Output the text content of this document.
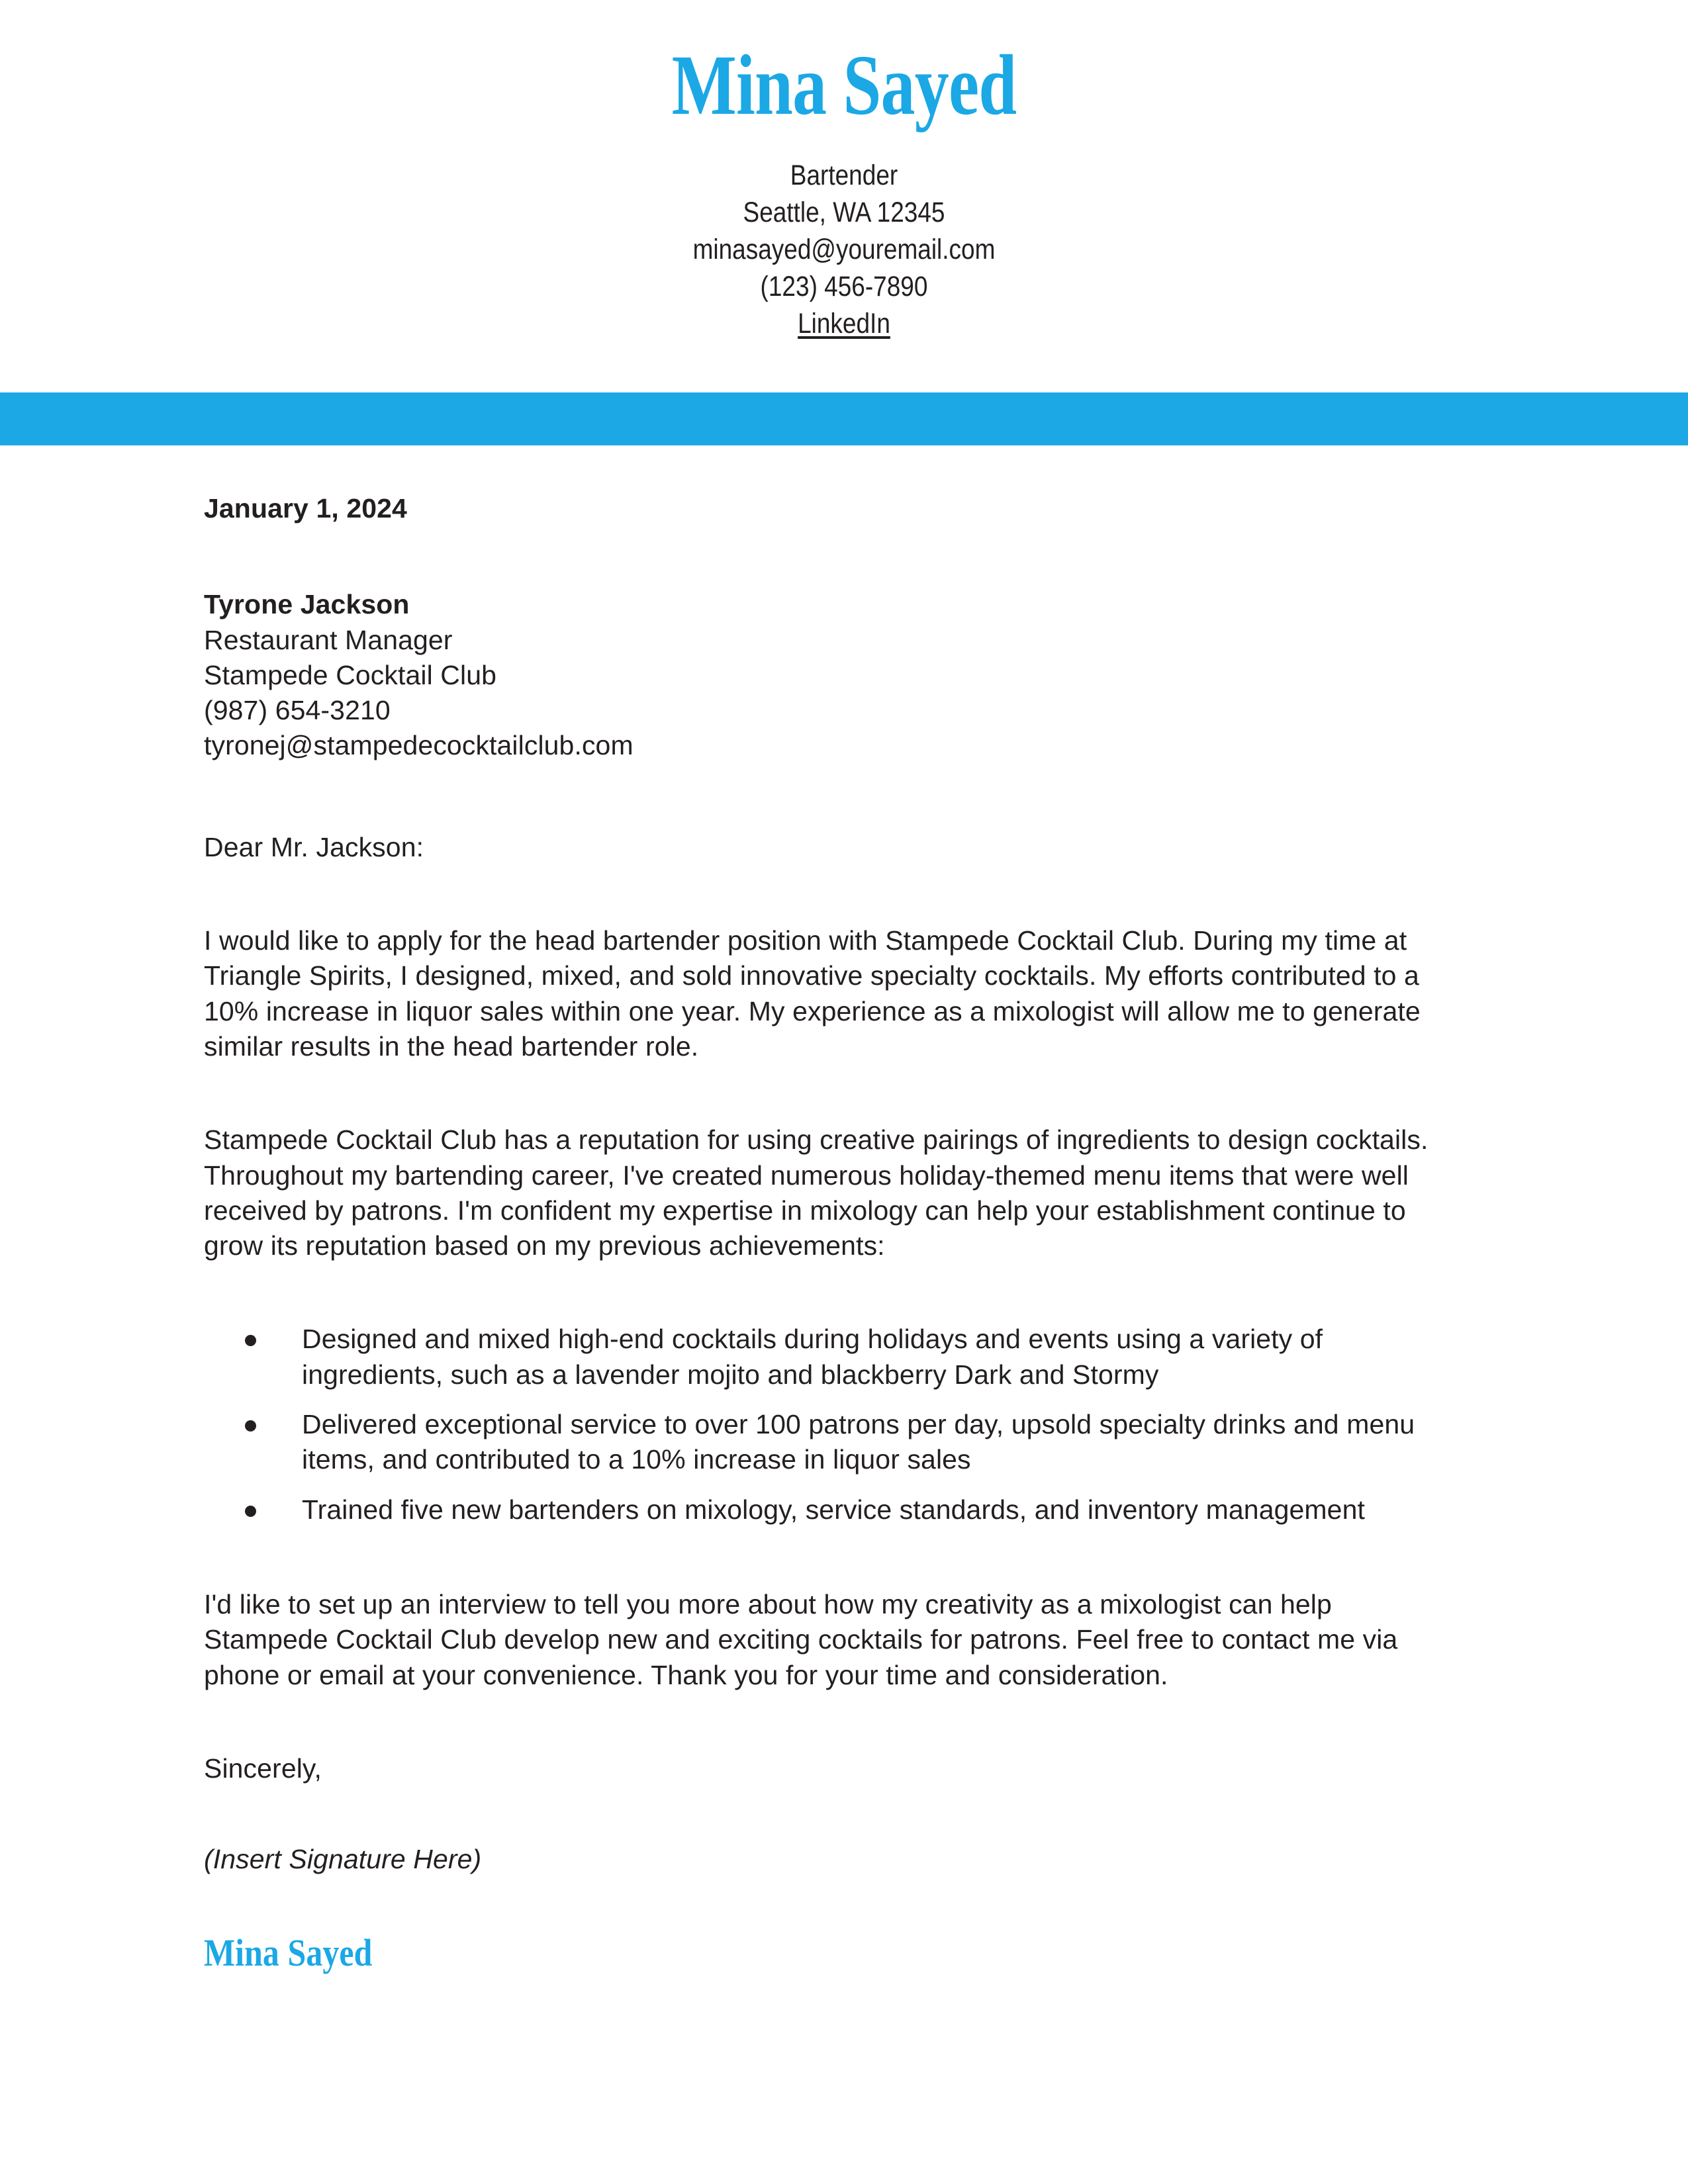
Mina Sayed
Bartender
Seattle, WA 12345
minasayed@youremail.com
(123) 456-7890
LinkedIn
January 1, 2024
Tyrone Jackson
Restaurant Manager
Stampede Cocktail Club
(987) 654-3210
tyronej@stampedecocktailclub.com
Dear Mr. Jackson:

I would like to apply for the head bartender position with Stampede Cocktail Club. During my time at Triangle Spirits, I designed, mixed, and sold innovative specialty cocktails. My efforts contributed to a 10% increase in liquor sales within one year. My experience as a mixologist will allow me to generate similar results in the head bartender role.

Stampede Cocktail Club has a reputation for using creative pairings of ingredients to design cocktails. Throughout my bartending career, I've created numerous holiday-themed menu items that were well received by patrons. I'm confident my expertise in mixology can help your establishment continue to grow its reputation based on my previous achievements:

Designed and mixed high-end cocktails during holidays and events using a variety of ingredients, such as a lavender mojito and blackberry Dark and Stormy
Delivered exceptional service to over 100 patrons per day, upsold specialty drinks and menu items, and contributed to a 10% increase in liquor sales
Trained five new bartenders on mixology, service standards, and inventory management

I'd like to set up an interview to tell you more about how my creativity as a mixologist can help Stampede Cocktail Club develop new and exciting cocktails for patrons. Feel free to contact me via phone or email at your convenience. Thank you for your time and consideration.

Sincerely,
(Insert Signature Here)
Mina Sayed
